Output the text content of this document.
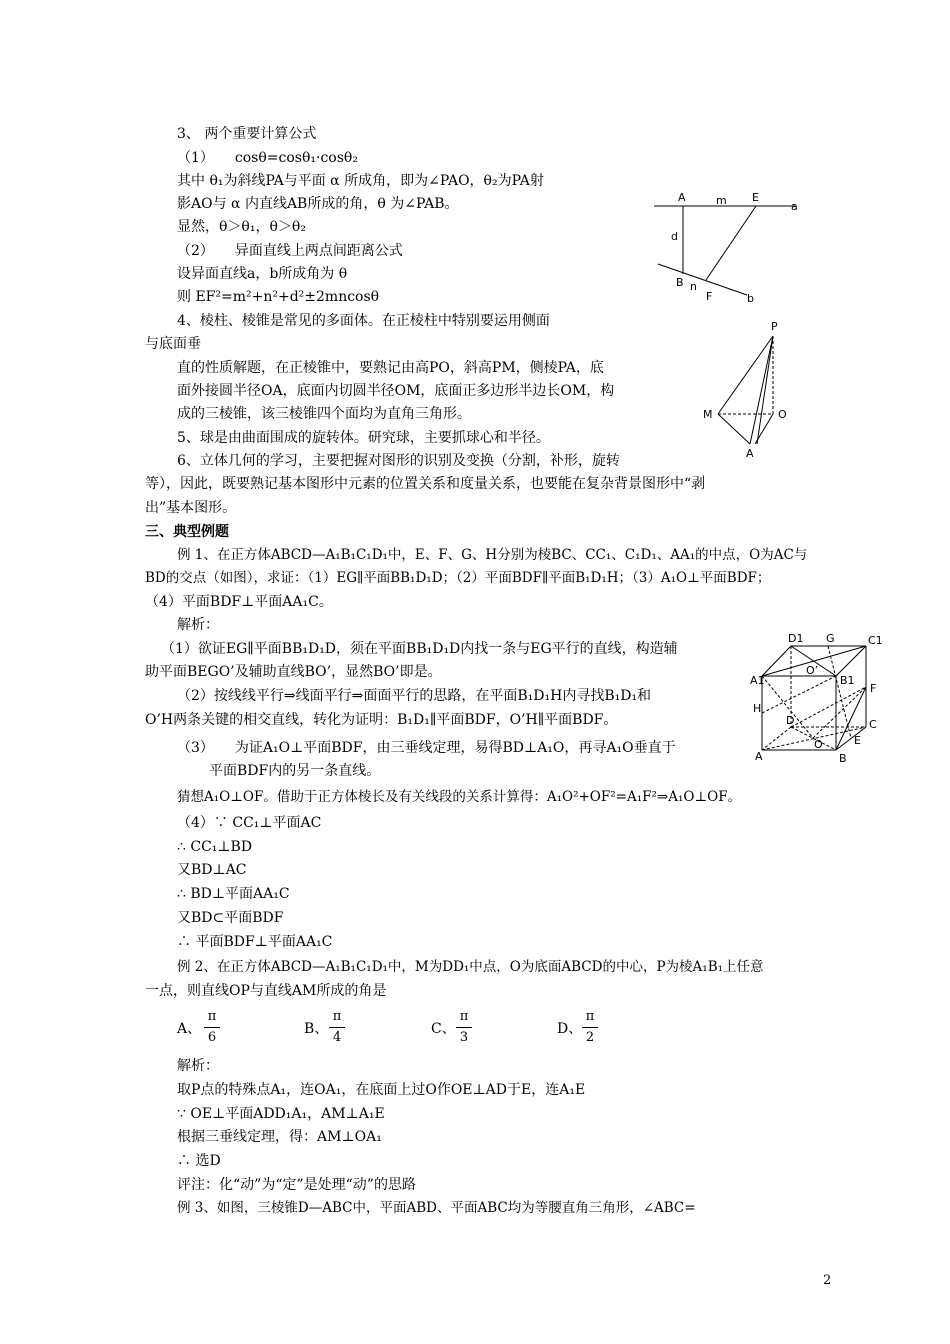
3、 两个重要计算公式
（1）　　cosθ=cosθ₁·cosθ₂
其中 θ₁为斜线PA与平面 α 所成角，即为∠PAO，θ₂为PA射
影AO与 α 内直线AB所成的角，θ 为∠PAB。
显然，θ＞θ₁，θ＞θ₂
（2）　　异面直线上两点间距离公式
设异面直线a，b所成角为 θ
则 EF²=m²+n²+d²±2mncosθ
4、棱柱、棱锥是常见的多面体。在正棱柱中特别要运用侧面
与底面垂
直的性质解题，在正棱锥中，要熟记由高PO，斜高PM，侧棱PA，底
面外接圆半径OA，底面内切圆半径OM，底面正多边形半边长OM，构
成的三棱锥，该三棱锥四个面均为直角三角形。
5、球是由曲面围成的旋转体。研究球，主要抓球心和半径。
6、立体几何的学习，主要把握对图形的识别及变换（分割，补形，旋转
等），因此，既要熟记基本图形中元素的位置关系和度量关系，也要能在复杂背景图形中“剥
出”基本图形。
三、典型例题
例 1、在正方体ABCD—A₁B₁C₁D₁中，E、F、G、H分别为棱BC、CC₁、C₁D₁、AA₁的中点，O为AC与
BD的交点（如图），求证：（1）EG∥平面BB₁D₁D；（2）平面BDF∥平面B₁D₁H；（3）A₁O⊥平面BDF；
（4）平面BDF⊥平面AA₁C。
解析：
（1）欲证EG∥平面BB₁D₁D，须在平面BB₁D₁D内找一条与EG平行的直线，构造辅
助平面BEGO’及辅助直线BO’，显然BO’即是。
（2）按线线平行⇒线面平行⇒面面平行的思路，在平面B₁D₁H内寻找B₁D₁和
O’H两条关键的相交直线，转化为证明：B₁D₁∥平面BDF，O’H∥平面BDF。
（3）　　为证A₁O⊥平面BDF，由三垂线定理，易得BD⊥A₁O，再寻A₁O垂直于
平面BDF内的另一条直线。
猜想A₁O⊥OF。借助于正方体棱长及有关线段的关系计算得：A₁O²+OF²=A₁F²⇒A₁O⊥OF。
（4）∵ CC₁⊥平面AC
∴ CC₁⊥BD
又BD⊥AC
∴ BD⊥平面AA₁C
又BD⊂平面BDF
∴ 平面BDF⊥平面AA₁C
例 2、在正方体ABCD—A₁B₁C₁D₁中，M为DD₁中点，O为底面ABCD的中心，P为棱A₁B₁上任意
一点，则直线OP与直线AM所成的角是
A、
π
6
B、
π
4
C、
π
3
D、
π
2
解析：
取P点的特殊点A₁，连OA₁，在底面上过O作OE⊥AD于E，连A₁E
∵ OE⊥平面ADD₁A₁，AM⊥A₁E
根据三垂线定理，得：AM⊥OA₁
∴ 选D
评注：化“动”为“定”是处理“动”的思路
例 3、如图，三棱锥D—ABC中，平面ABD、平面ABC均为等腰直角三角形，∠ABC=
A	m E
a
d
B n
F	b
P
M	O
A
D1 G	C1
A1
O’
B1
F
H
D	C
O	E
A	B
2
